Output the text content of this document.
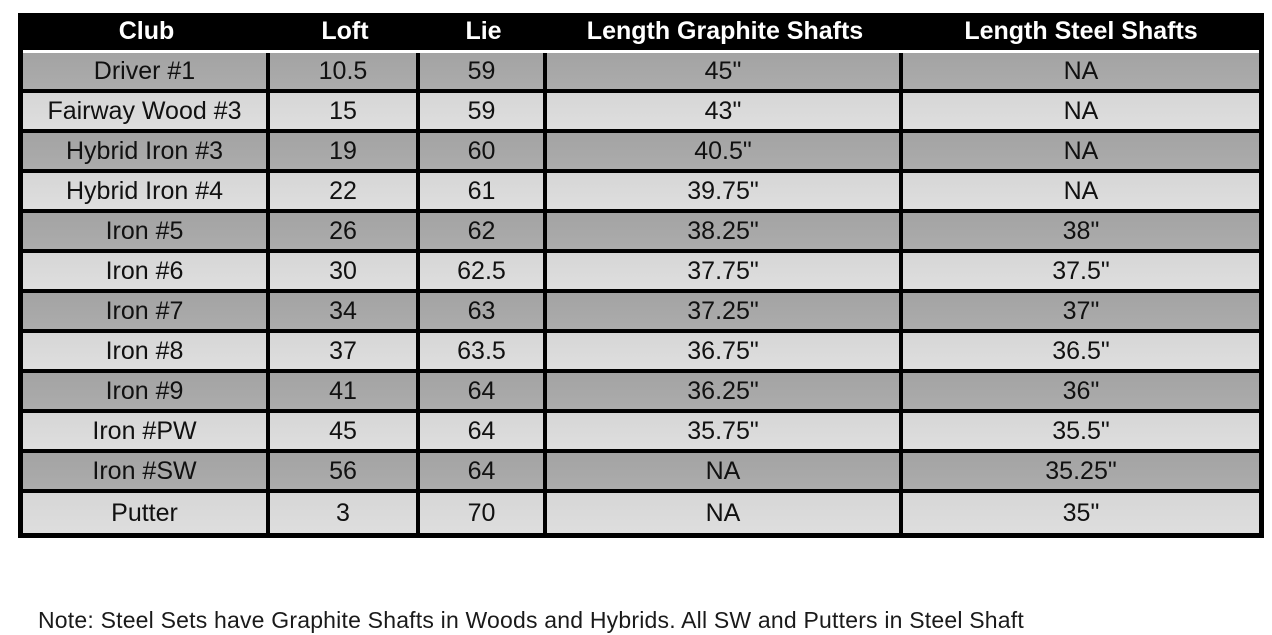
Club	Loft	Lie	Length Graphite Shafts	Length Steel Shafts
Driver #1	10.5	59	45"	NA
Fairway Wood #3	15	59	43"	NA
Hybrid Iron #3	19	60	40.5"	NA
Hybrid Iron #4	22	61	39.75"	NA
Iron #5	26	62	38.25"	38"
Iron #6	30	62.5	37.75"	37.5"
Iron #7	34	63	37.25"	37"
Iron #8	37	63.5	36.75"	36.5"
Iron #9	41	64	36.25"	36"
Iron #PW	45	64	35.75"	35.5"
Iron #SW	56	64	NA	35.25"
Putter	3	70	NA	35"

Note: Steel Sets have Graphite Shafts in Woods and Hybrids. All SW and Putters in Steel Shaft
